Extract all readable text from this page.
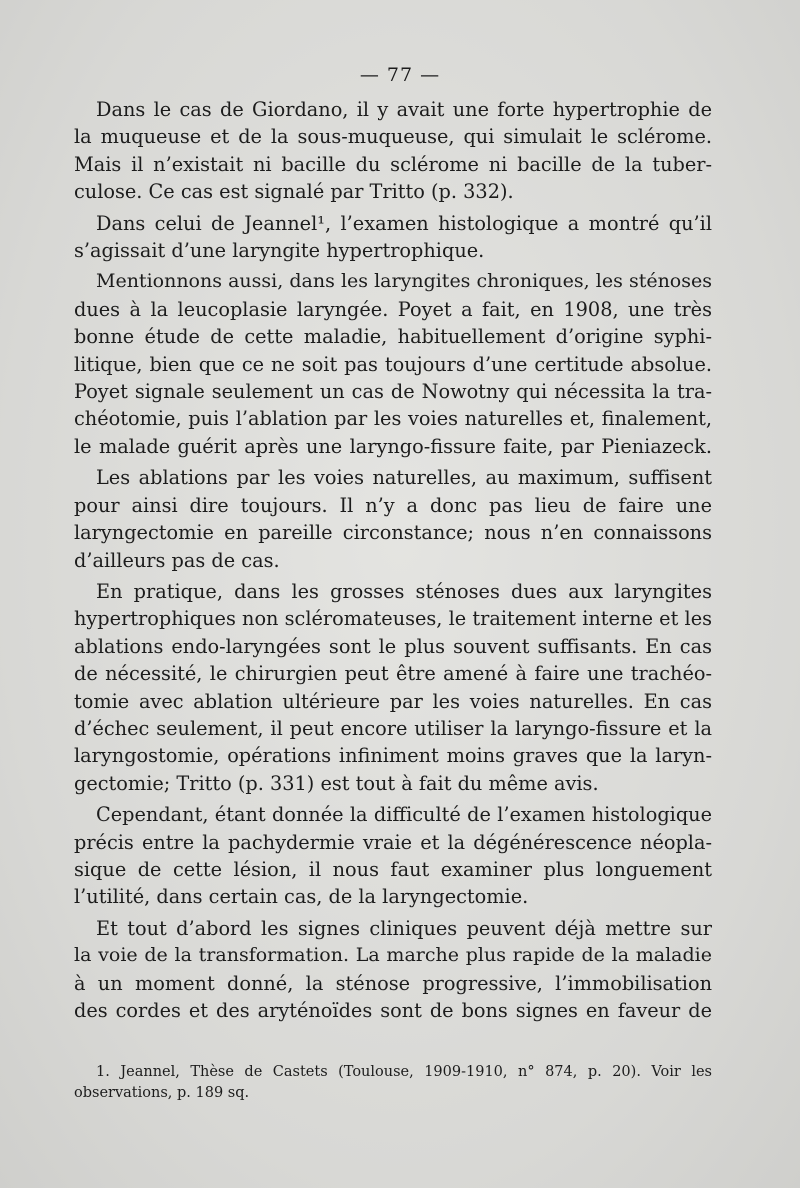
— 77 —

Dans le cas de Giordano, il y avait une forte hypertrophie de
la muqueuse et de la sous-muqueuse, qui simulait le sclérome.
Mais il n’existait ni bacille du sclérome ni bacille de la tuber-
culose. Ce cas est signalé par Tritto (p. 332).

Dans celui de Jeannel¹, l’examen histologique a montré qu’il
s’agissait d’une laryngite hypertrophique.

Mentionnons aussi, dans les laryngites chroniques, les sténoses
dues à la leucoplasie laryngée. Poyet a fait, en 1908, une très
bonne étude de cette maladie, habituellement d’origine syphi-
litique, bien que ce ne soit pas toujours d’une certitude absolue.
Poyet signale seulement un cas de Nowotny qui nécessita la tra-
chéotomie, puis l’ablation par les voies naturelles et, finalement,
le malade guérit après une laryngo-fissure faite, par Pieniazeck.

Les ablations par les voies naturelles, au maximum, suffisent
pour ainsi dire toujours. Il n’y a donc pas lieu de faire une
laryngectomie en pareille circonstance; nous n’en connaissons
d’ailleurs pas de cas.

En pratique, dans les grosses sténoses dues aux laryngites
hypertrophiques non scléromateuses, le traitement interne et les
ablations endo-laryngées sont le plus souvent suffisants. En cas
de nécessité, le chirurgien peut être amené à faire une trachéo-
tomie avec ablation ultérieure par les voies naturelles. En cas
d’échec seulement, il peut encore utiliser la laryngo-fissure et la
laryngostomie, opérations infiniment moins graves que la laryn-
gectomie; Tritto (p. 331) est tout à fait du même avis.

Cependant, étant donnée la difficulté de l’examen histologique
précis entre la pachydermie vraie et la dégénérescence néopla-
sique de cette lésion, il nous faut examiner plus longuement
l’utilité, dans certain cas, de la laryngectomie.

Et tout d’abord les signes cliniques peuvent déjà mettre sur
la voie de la transformation. La marche plus rapide de la maladie
à un moment donné, la sténose progressive, l’immobilisation
des cordes et des aryténoïdes sont de bons signes en faveur de

1. Jeannel, Thèse de Castets (Toulouse, 1909-1910, n° 874, p. 20). Voir les
observations, p. 189 sq.
